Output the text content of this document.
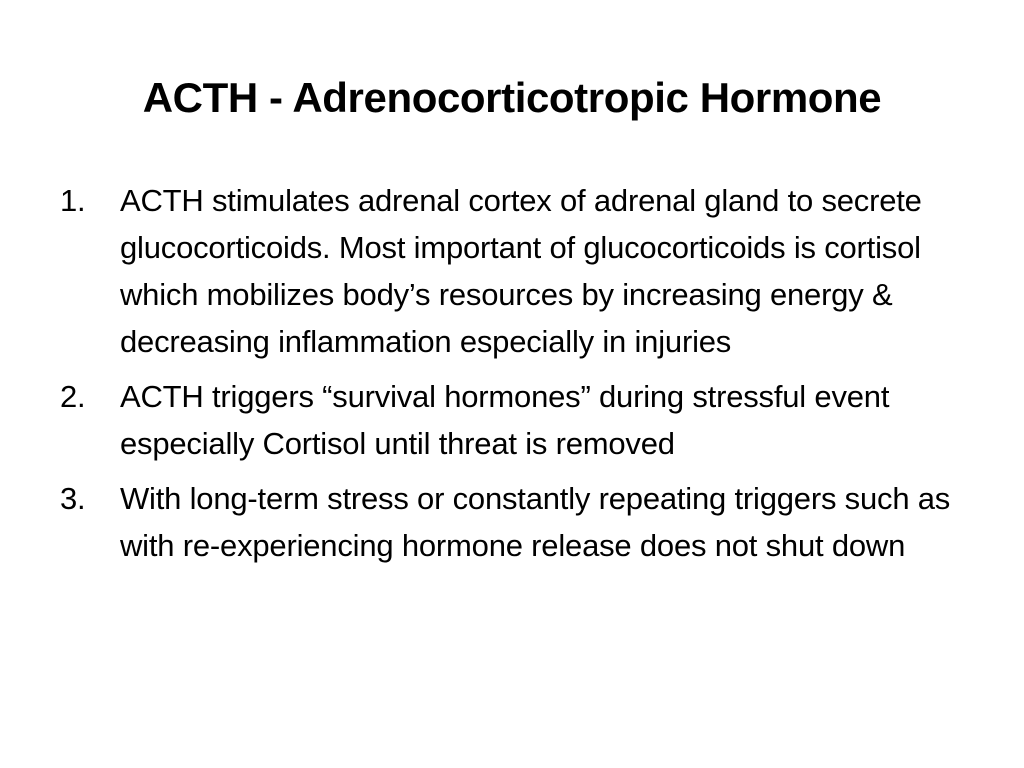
ACTH - Adrenocorticotropic Hormone
1. ACTH stimulates adrenal cortex of adrenal gland to secrete glucocorticoids. Most important of glucocorticoids is cortisol which mobilizes body’s resources by increasing energy & decreasing inflammation especially in injuries
2. ACTH triggers “survival hormones” during stressful event especially Cortisol until threat is removed
3. With long-term stress or constantly repeating triggers such as with re-experiencing hormone release does not shut down
